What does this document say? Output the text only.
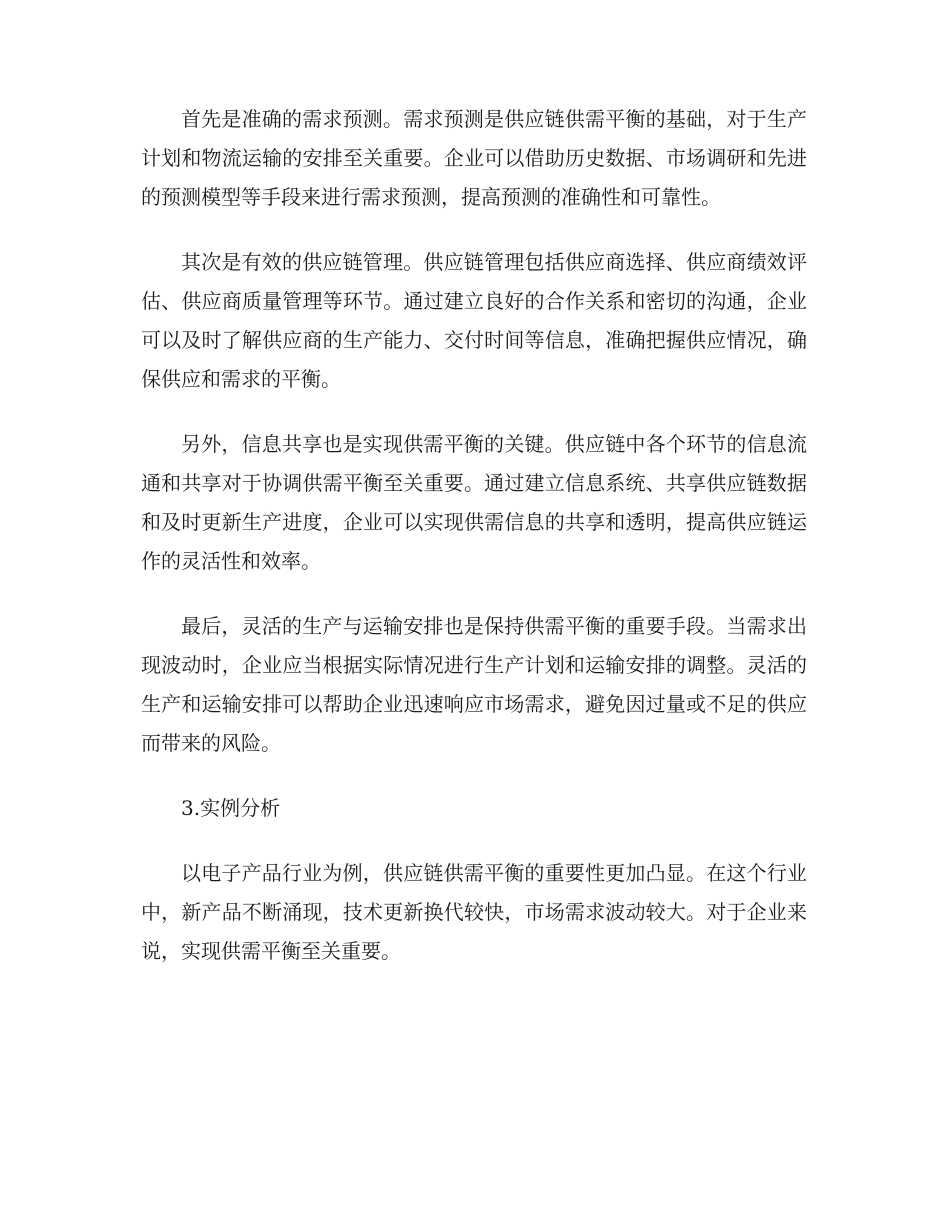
首先是准确的需求预测。需求预测是供应链供需平衡的基础，对于生产计划和物流运输的安排至关重要。企业可以借助历史数据、市场调研和先进的预测模型等手段来进行需求预测，提高预测的准确性和可靠性。

其次是有效的供应链管理。供应链管理包括供应商选择、供应商绩效评估、供应商质量管理等环节。通过建立良好的合作关系和密切的沟通，企业可以及时了解供应商的生产能力、交付时间等信息，准确把握供应情况，确保供应和需求的平衡。

另外，信息共享也是实现供需平衡的关键。供应链中各个环节的信息流通和共享对于协调供需平衡至关重要。通过建立信息系统、共享供应链数据和及时更新生产进度，企业可以实现供需信息的共享和透明，提高供应链运作的灵活性和效率。

最后，灵活的生产与运输安排也是保持供需平衡的重要手段。当需求出现波动时，企业应当根据实际情况进行生产计划和运输安排的调整。灵活的生产和运输安排可以帮助企业迅速响应市场需求，避免因过量或不足的供应而带来的风险。

3.实例分析

以电子产品行业为例，供应链供需平衡的重要性更加凸显。在这个行业中，新产品不断涌现，技术更新换代较快，市场需求波动较大。对于企业来说，实现供需平衡至关重要。
